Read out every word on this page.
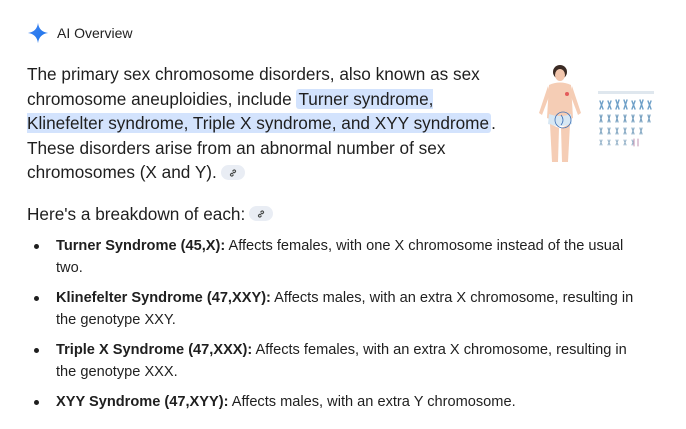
AI Overview
The primary sex chromosome disorders, also known as sex chromosome aneuploidies, include Turner syndrome, Klinefelter syndrome, Triple X syndrome, and XYY syndrome . These disorders arise from an abnormal number of sex chromosomes (X and Y).
Here's a breakdown of each:
Turner Syndrome (45,X): Affects females, with one X chromosome instead of the usual two.
Klinefelter Syndrome (47,XXY): Affects males, with an extra X chromosome, resulting in the genotype XXY.
Triple X Syndrome (47,XXX): Affects females, with an extra X chromosome, resulting in the genotype XXX.
XYY Syndrome (47,XYY): Affects males, with an extra Y chromosome.
